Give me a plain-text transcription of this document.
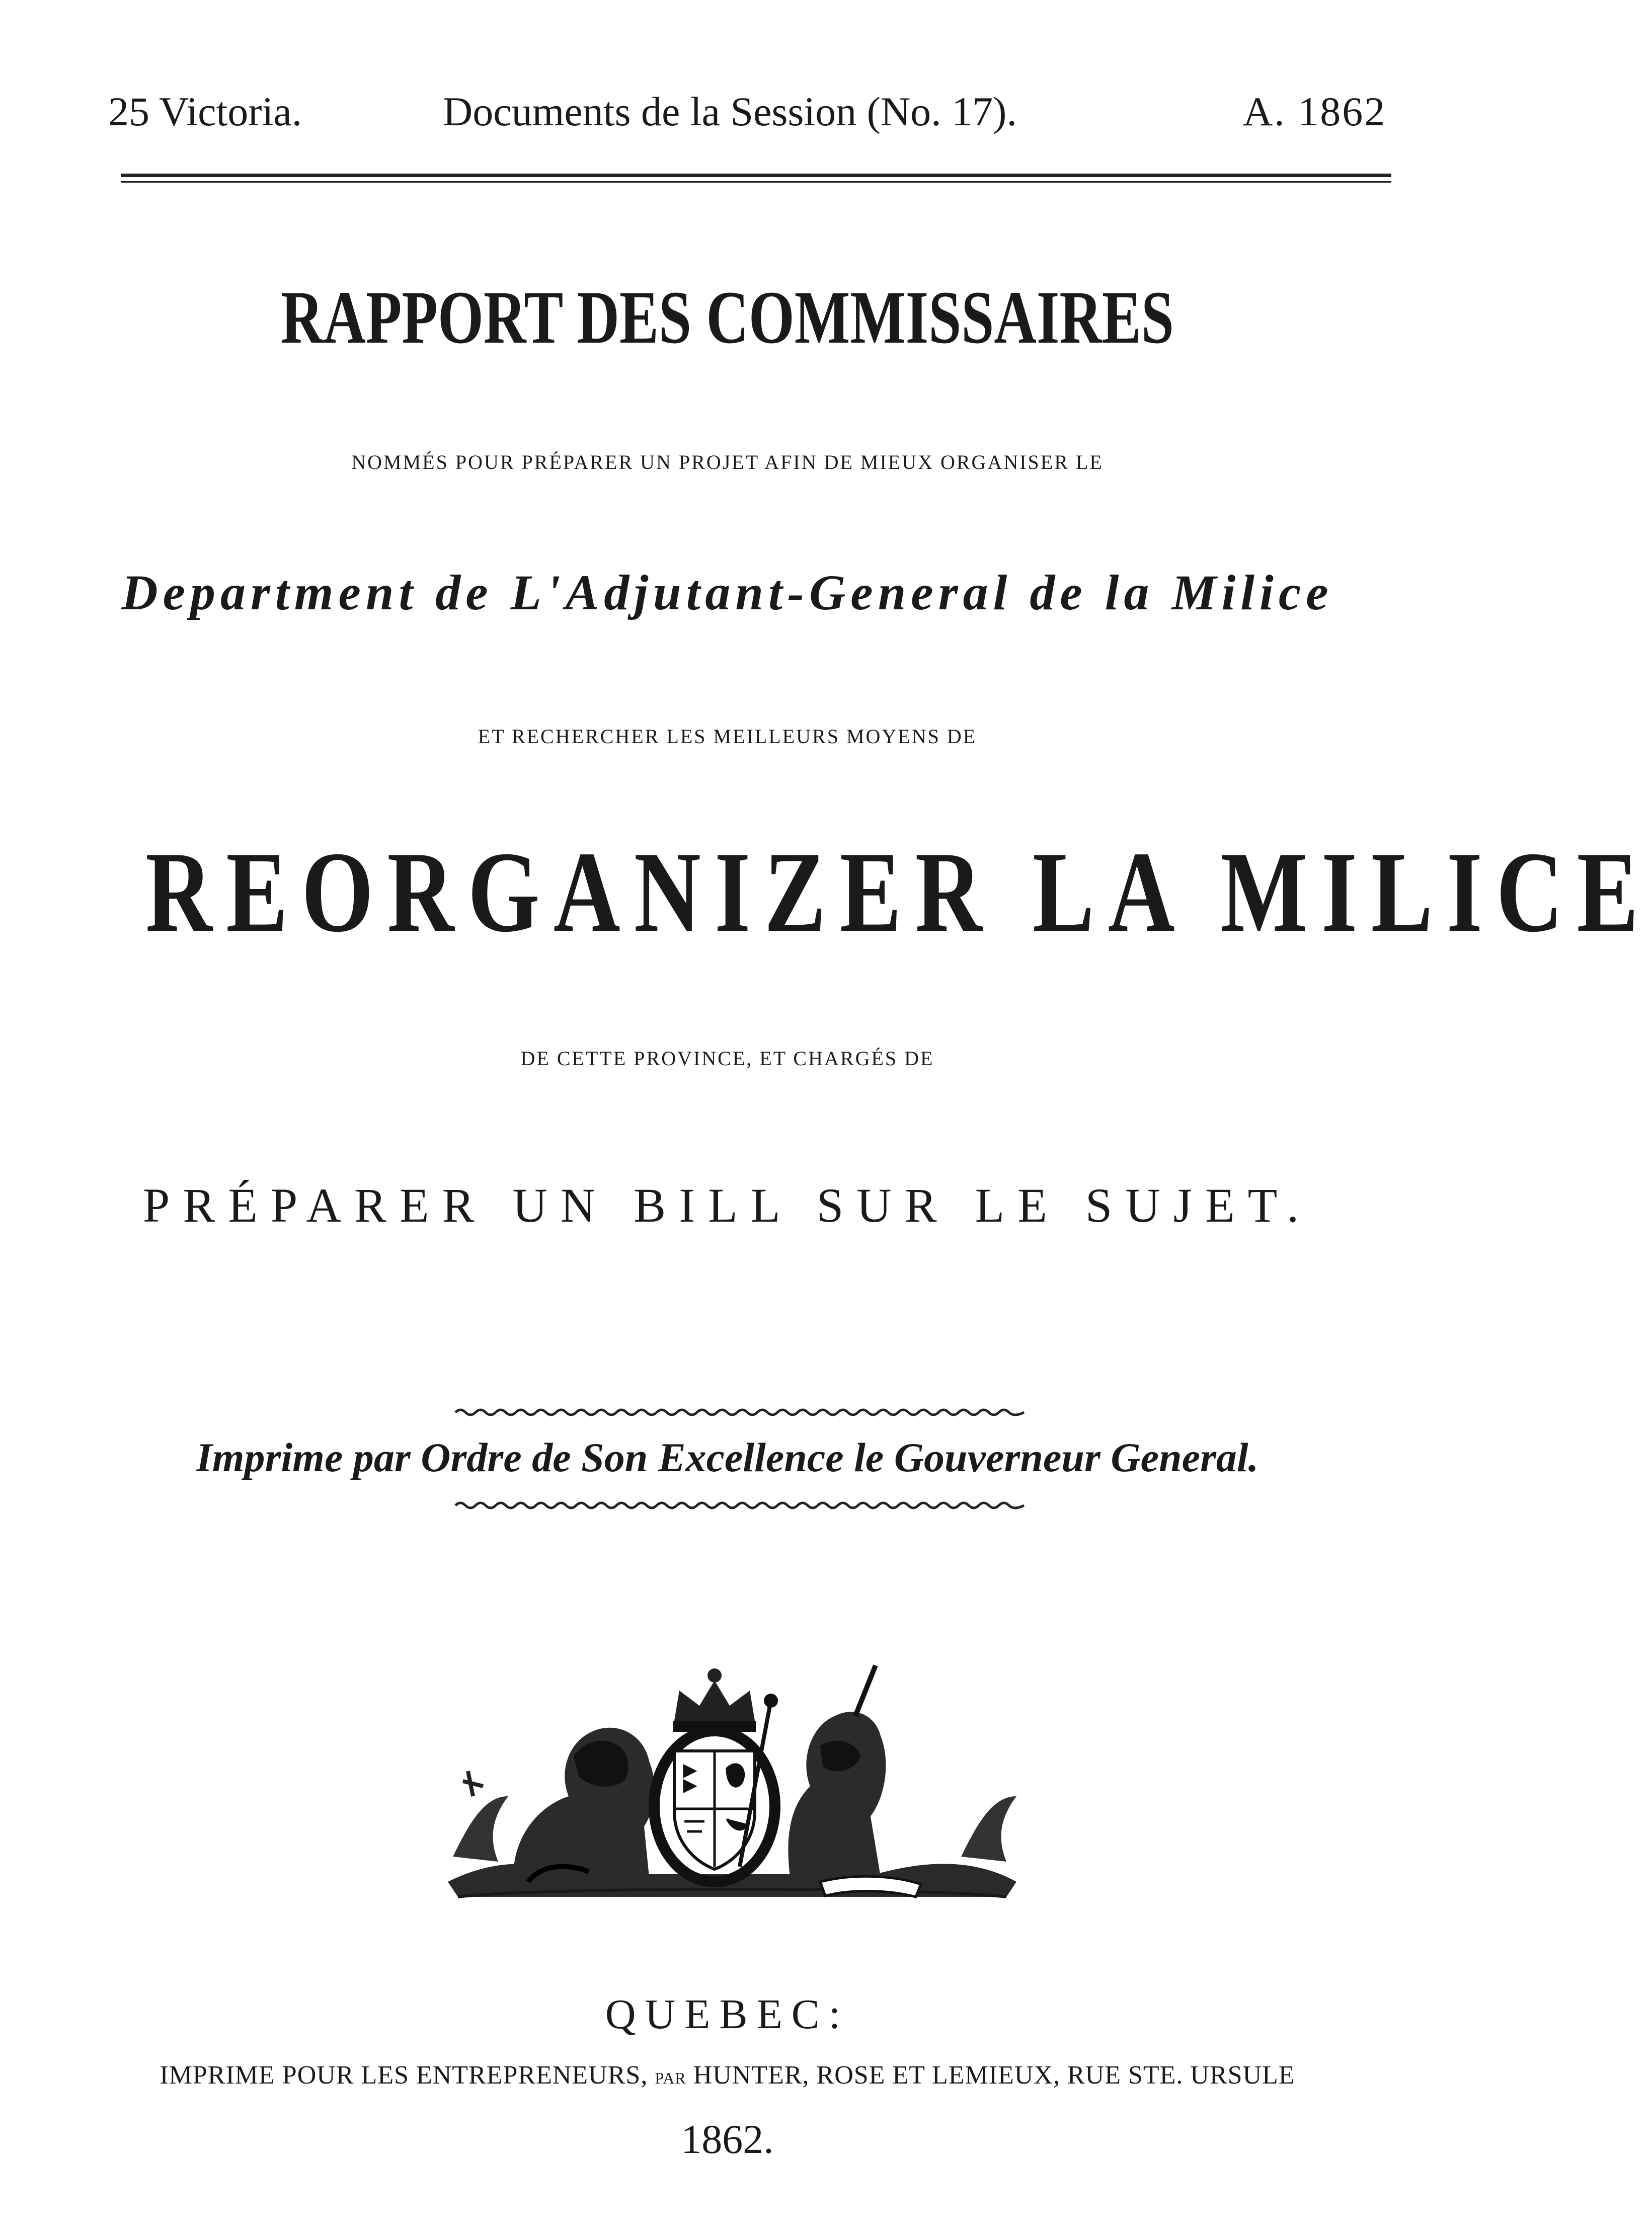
25 Victoria.	Documents de la Session (No. 17).	A. 1862
RAPPORT DES COMMISSAIRES
NOMMÉS POUR PRÉPARER UN PROJET AFIN DE MIEUX ORGANISER LE
Department de L'Adjutant-General de la Milice
ET RECHERCHER LES MEILLEURS MOYENS DE
REORGANIZER LA MILICE
DE CETTE PROVINCE, ET CHARGÉS DE
PRÉPARER UN BILL SUR LE SUJET.
Imprime par Ordre de Son Excellence le Gouverneur General.
QUEBEC:
IMPRIME POUR LES ENTREPRENEURS, PAR HUNTER, ROSE ET LEMIEUX, RUE STE. URSULE
1862.
